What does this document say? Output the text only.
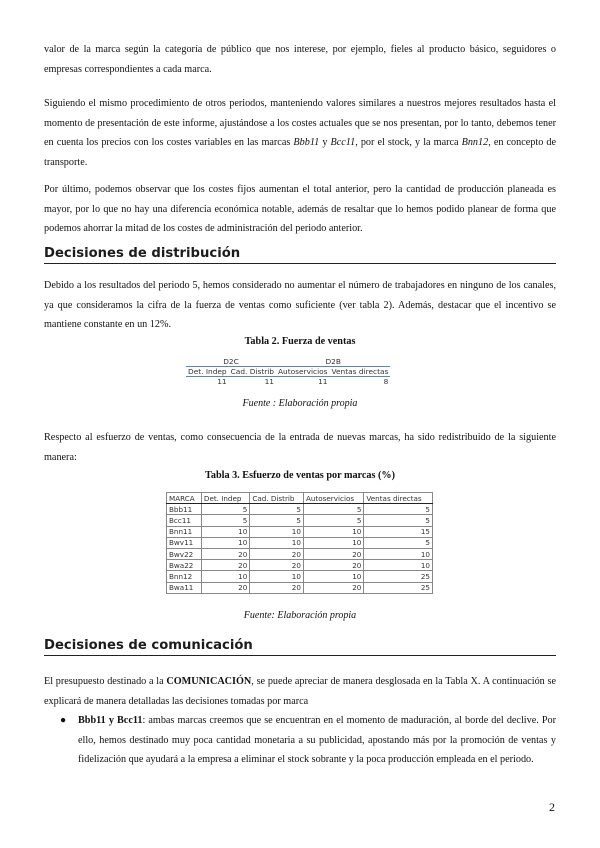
valor de la marca según la categoría de público que nos interese, por ejemplo, fieles al producto básico, seguidores o empresas correspondientes a cada marca.

Siguiendo el mismo procedimiento de otros periodos, manteniendo valores similares a nuestros mejores resultados hasta el momento de presentación de este informe, ajustándose a los costes actuales que se nos presentan, por lo tanto, debemos tener en cuenta los precios con los costes variables en las marcas Bbb11 y Bcc11, por el stock, y la marca Bnn12, en concepto de transporte.

Por último, podemos observar que los costes fijos aumentan el total anterior, pero la cantidad de producción planeada es mayor, por lo que no hay una diferencia económica notable, además de resaltar que lo hemos podido planear de forma que podemos ahorrar la mitad de los costes de administración del periodo anterior.

Decisiones de distribución

Debido a los resultados del periodo 5, hemos considerado no aumentar el número de trabajadores en ninguno de los canales, ya que consideramos la cifra de la fuerza de ventas como suficiente (ver tabla 2). Además, destacar que el incentivo se mantiene constante en un 12%.

Tabla 2. Fuerza de ventas
D2C		D2B	
Det. Indep	Cad. Distrib	Autoservicios	Ventas directas
11	11	11	8
Fuente : Elaboración propia

Respecto al esfuerzo de ventas, como consecuencia de la entrada de nuevas marcas, ha sido redistribuido de la siguiente manera:

Tabla 3. Esfuerzo de ventas por marcas (%)
MARCA	Det. Indep	Cad. Distrib	Autoservicios	Ventas directas
Bbb11	5	5	5	5
Bcc11	5	5	5	5
Bnn11	10	10	10	15
Bwv11	10	10	10	5
Bwv22	20	20	20	10
Bwa22	20	20	20	10
Bnn12	10	10	10	25
Bwa11	20	20	20	25
Fuente: Elaboración propia
Decisiones de comunicación

El presupuesto destinado a la COMUNICACIÓN, se puede apreciar de manera desglosada en la Tabla X. A continuación se explicará de manera detalladas las decisiones tomadas por marca

● Bbb11 y Bcc11: ambas marcas creemos que se encuentran en el momento de maduración, al borde del declive. Por ello, hemos destinado muy poca cantidad monetaria a su publicidad, apostando más por la promoción de ventas y fidelización que ayudará a la empresa a eliminar el stock sobrante y la poca producción empleada en el periodo.
2
